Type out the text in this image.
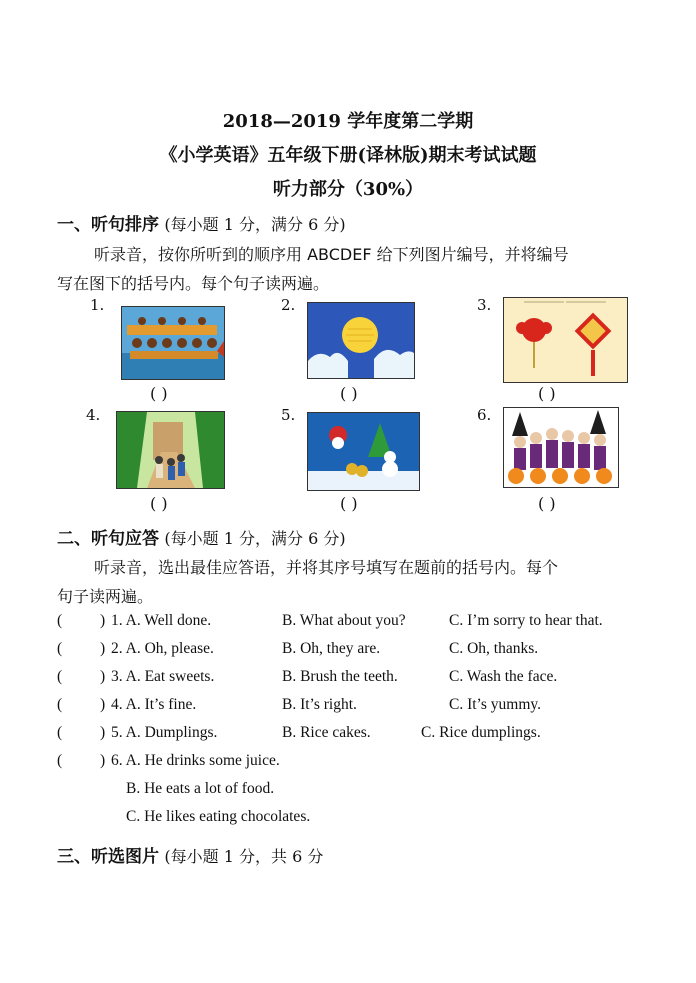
2018—2019 学年度第二学期
《小学英语》五年级下册(译林版)期末考试试题
听力部分（30%）
一、听句排序 (每小题 1 分，满分 6 分)
听录音，按你所听到的顺序用 ABCDEF 给下列图片编号，并将编号
写在图下的括号内。每个句子读两遍。
1.
( )
2.
( )
3.
( )
4.
( )
5.
( )
6.
( )
二、听句应答 (每小题 1 分，满分 6 分)
听录音，选出最佳应答语，并将其序号填写在题前的括号内。每个
句子读两遍。
( ) 1. A. Well done.	B. What about you?	C. I’m sorry to hear that.
( ) 2. A. Oh, please.	B. Oh, they are.	C. Oh, thanks.
( ) 3. A. Eat sweets.	B. Brush the teeth.	C. Wash the face.
( ) 4. A. It’s fine.	B. It’s right.	C. It’s yummy.
( ) 5. A. Dumplings.	B. Rice cakes.	C. Rice dumplings.
( ) 6. A. He drinks some juice.
B. He eats a lot of food.
C. He likes eating chocolates.
三、听选图片 (每小题 1 分，共 6 分
